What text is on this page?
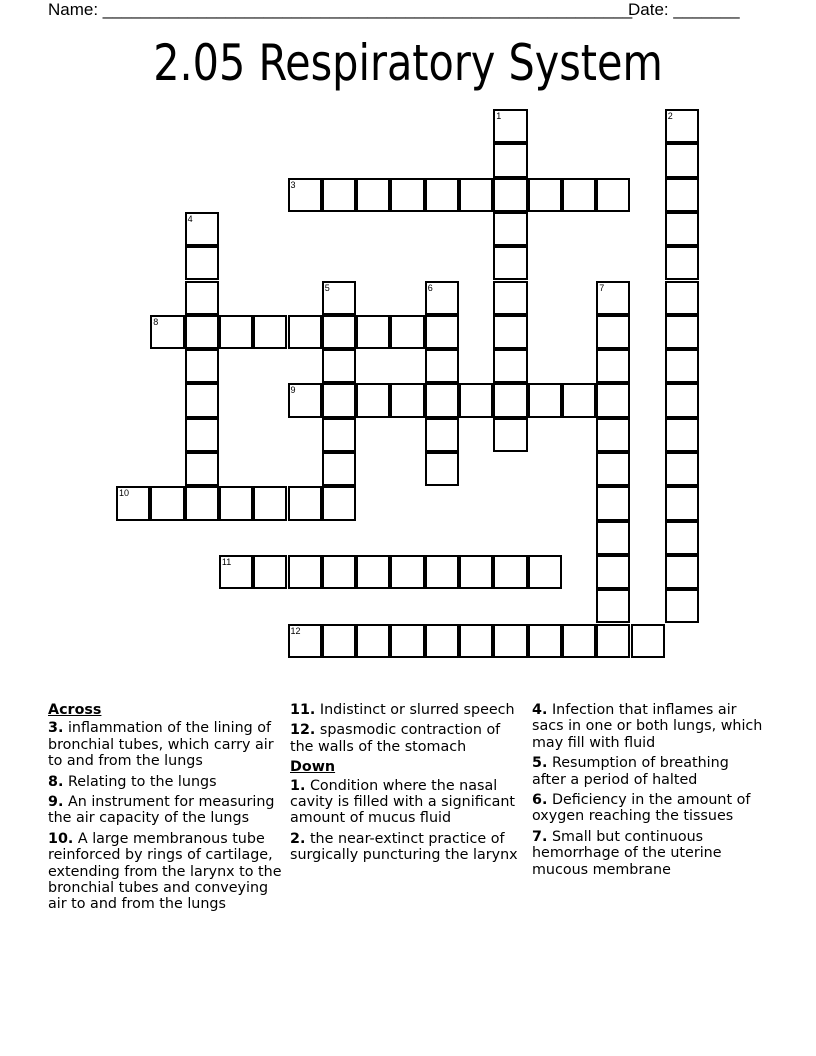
Name: ________________________________________________________
Date: _______
2.05 Respiratory System
1	2
3
4
5	6	7
8
9
10
11
12
Across
3. inflammation of the lining of bronchial tubes, which carry air to and from the lungs
8. Relating to the lungs
9. An instrument for measuring the air capacity of the lungs
10. A large membranous tube reinforced by rings of cartilage, extending from the larynx to the bronchial tubes and conveying air to and from the lungs
11. Indistinct or slurred speech
12. spasmodic contraction of the walls of the stomach
Down
1. Condition where the nasal cavity is filled with a significant amount of mucus fluid
2. the near-extinct practice of surgically puncturing the larynx
4. Infection that inflames air sacs in one or both lungs, which may fill with fluid
5. Resumption of breathing after a period of halted
6. Deficiency in the amount of oxygen reaching the tissues
7. Small but continuous hemorrhage of the uterine mucous membrane
